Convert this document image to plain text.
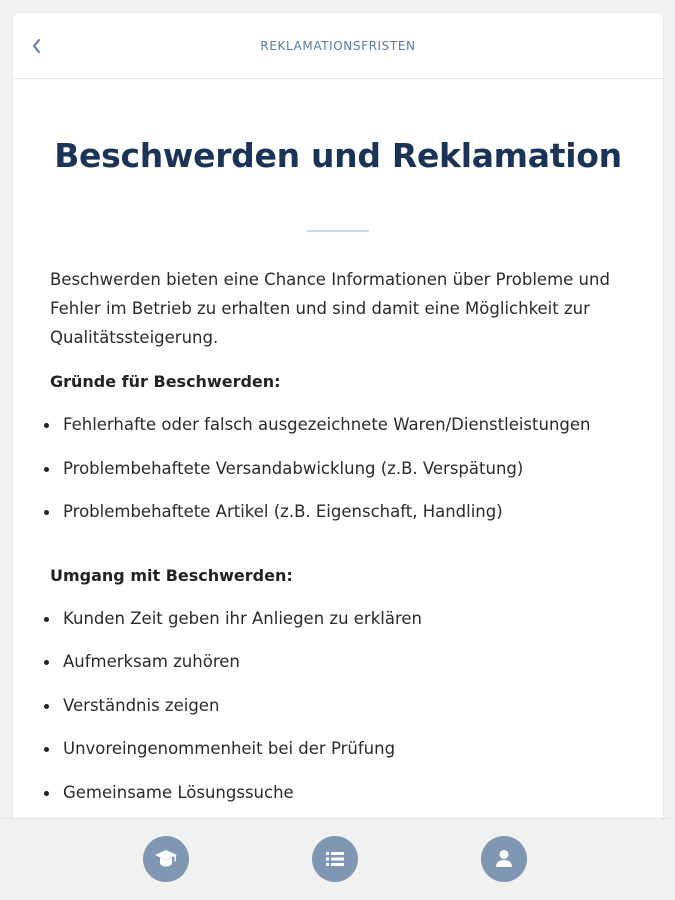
REKLAMATIONSFRISTEN
Beschwerden und Reklamation

Beschwerden bieten eine Chance Informationen über Probleme und Fehler im Betrieb zu erhalten und sind damit eine Möglichkeit zur Qualitätssteigerung.

Gründe für Beschwerden:
Fehlerhafte oder falsch ausgezeichnete Waren/Dienstleistungen
Problembehaftete Versandabwicklung (z.B. Verspätung)
Problembehaftete Artikel (z.B. Eigenschaft, Handling)
Umgang mit Beschwerden:
Kunden Zeit geben ihr Anliegen zu erklären
Aufmerksam zuhören
Verständnis zeigen
Unvoreingenommenheit bei der Prüfung
Gemeinsame Lösungssuche
